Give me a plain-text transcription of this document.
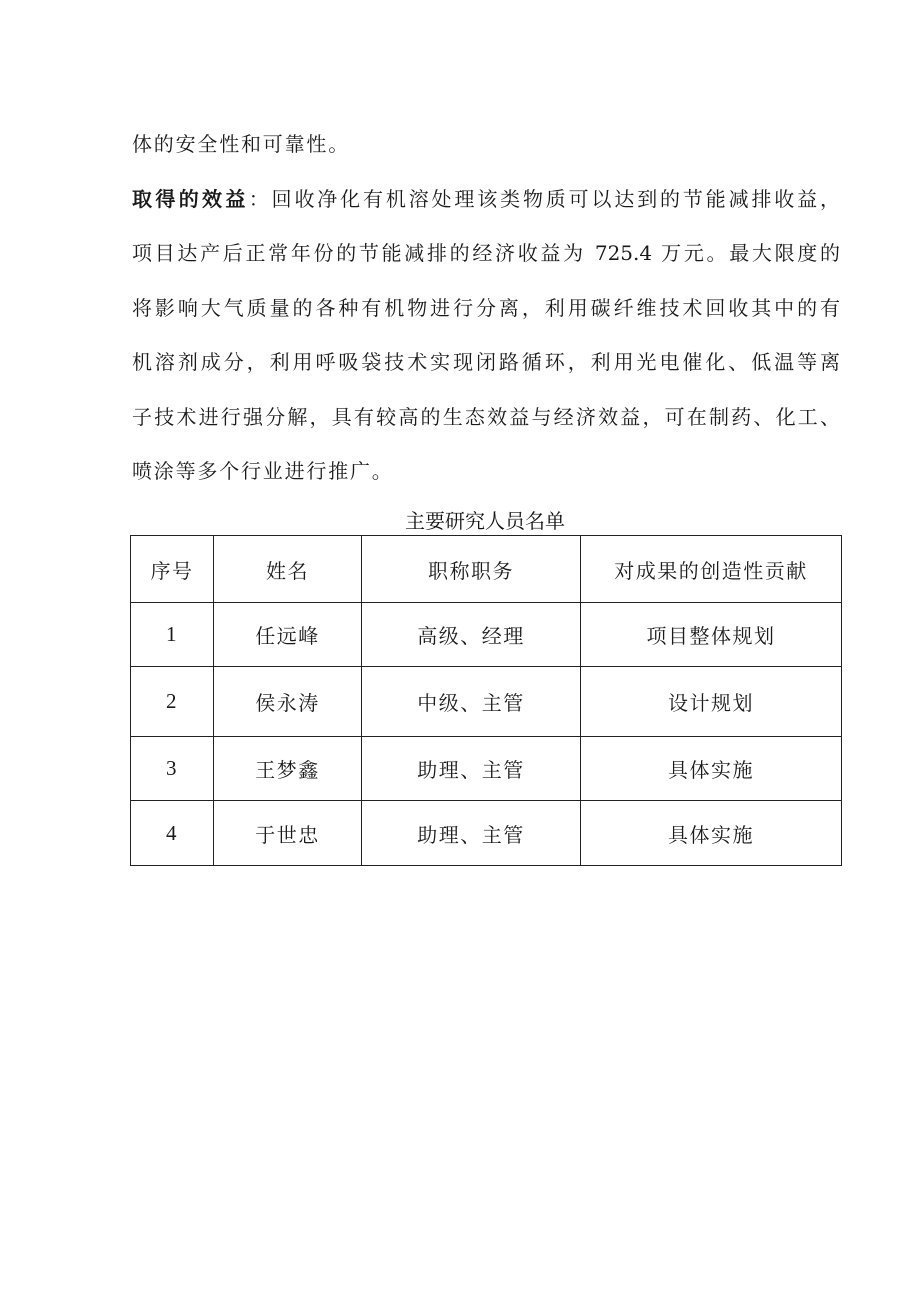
体的安全性和可靠性。
取得的效益：回收净化有机溶处理该类物质可以达到的节能减排收益，
项目达产后正常年份的节能减排的经济收益为 725.4 万元。最大限度的
将影响大气质量的各种有机物进行分离，利用碳纤维技术回收其中的有
机溶剂成分，利用呼吸袋技术实现闭路循环，利用光电催化、低温等离
子技术进行强分解，具有较高的生态效益与经济效益，可在制药、化工、
喷涂等多个行业进行推广。
主要研究人员名单
序号	姓名	职称职务	对成果的创造性贡献
1	任远峰	高级、经理	项目整体规划
2	侯永涛	中级、主管	设计规划
3	王梦鑫	助理、主管	具体实施
4	于世忠	助理、主管	具体实施
